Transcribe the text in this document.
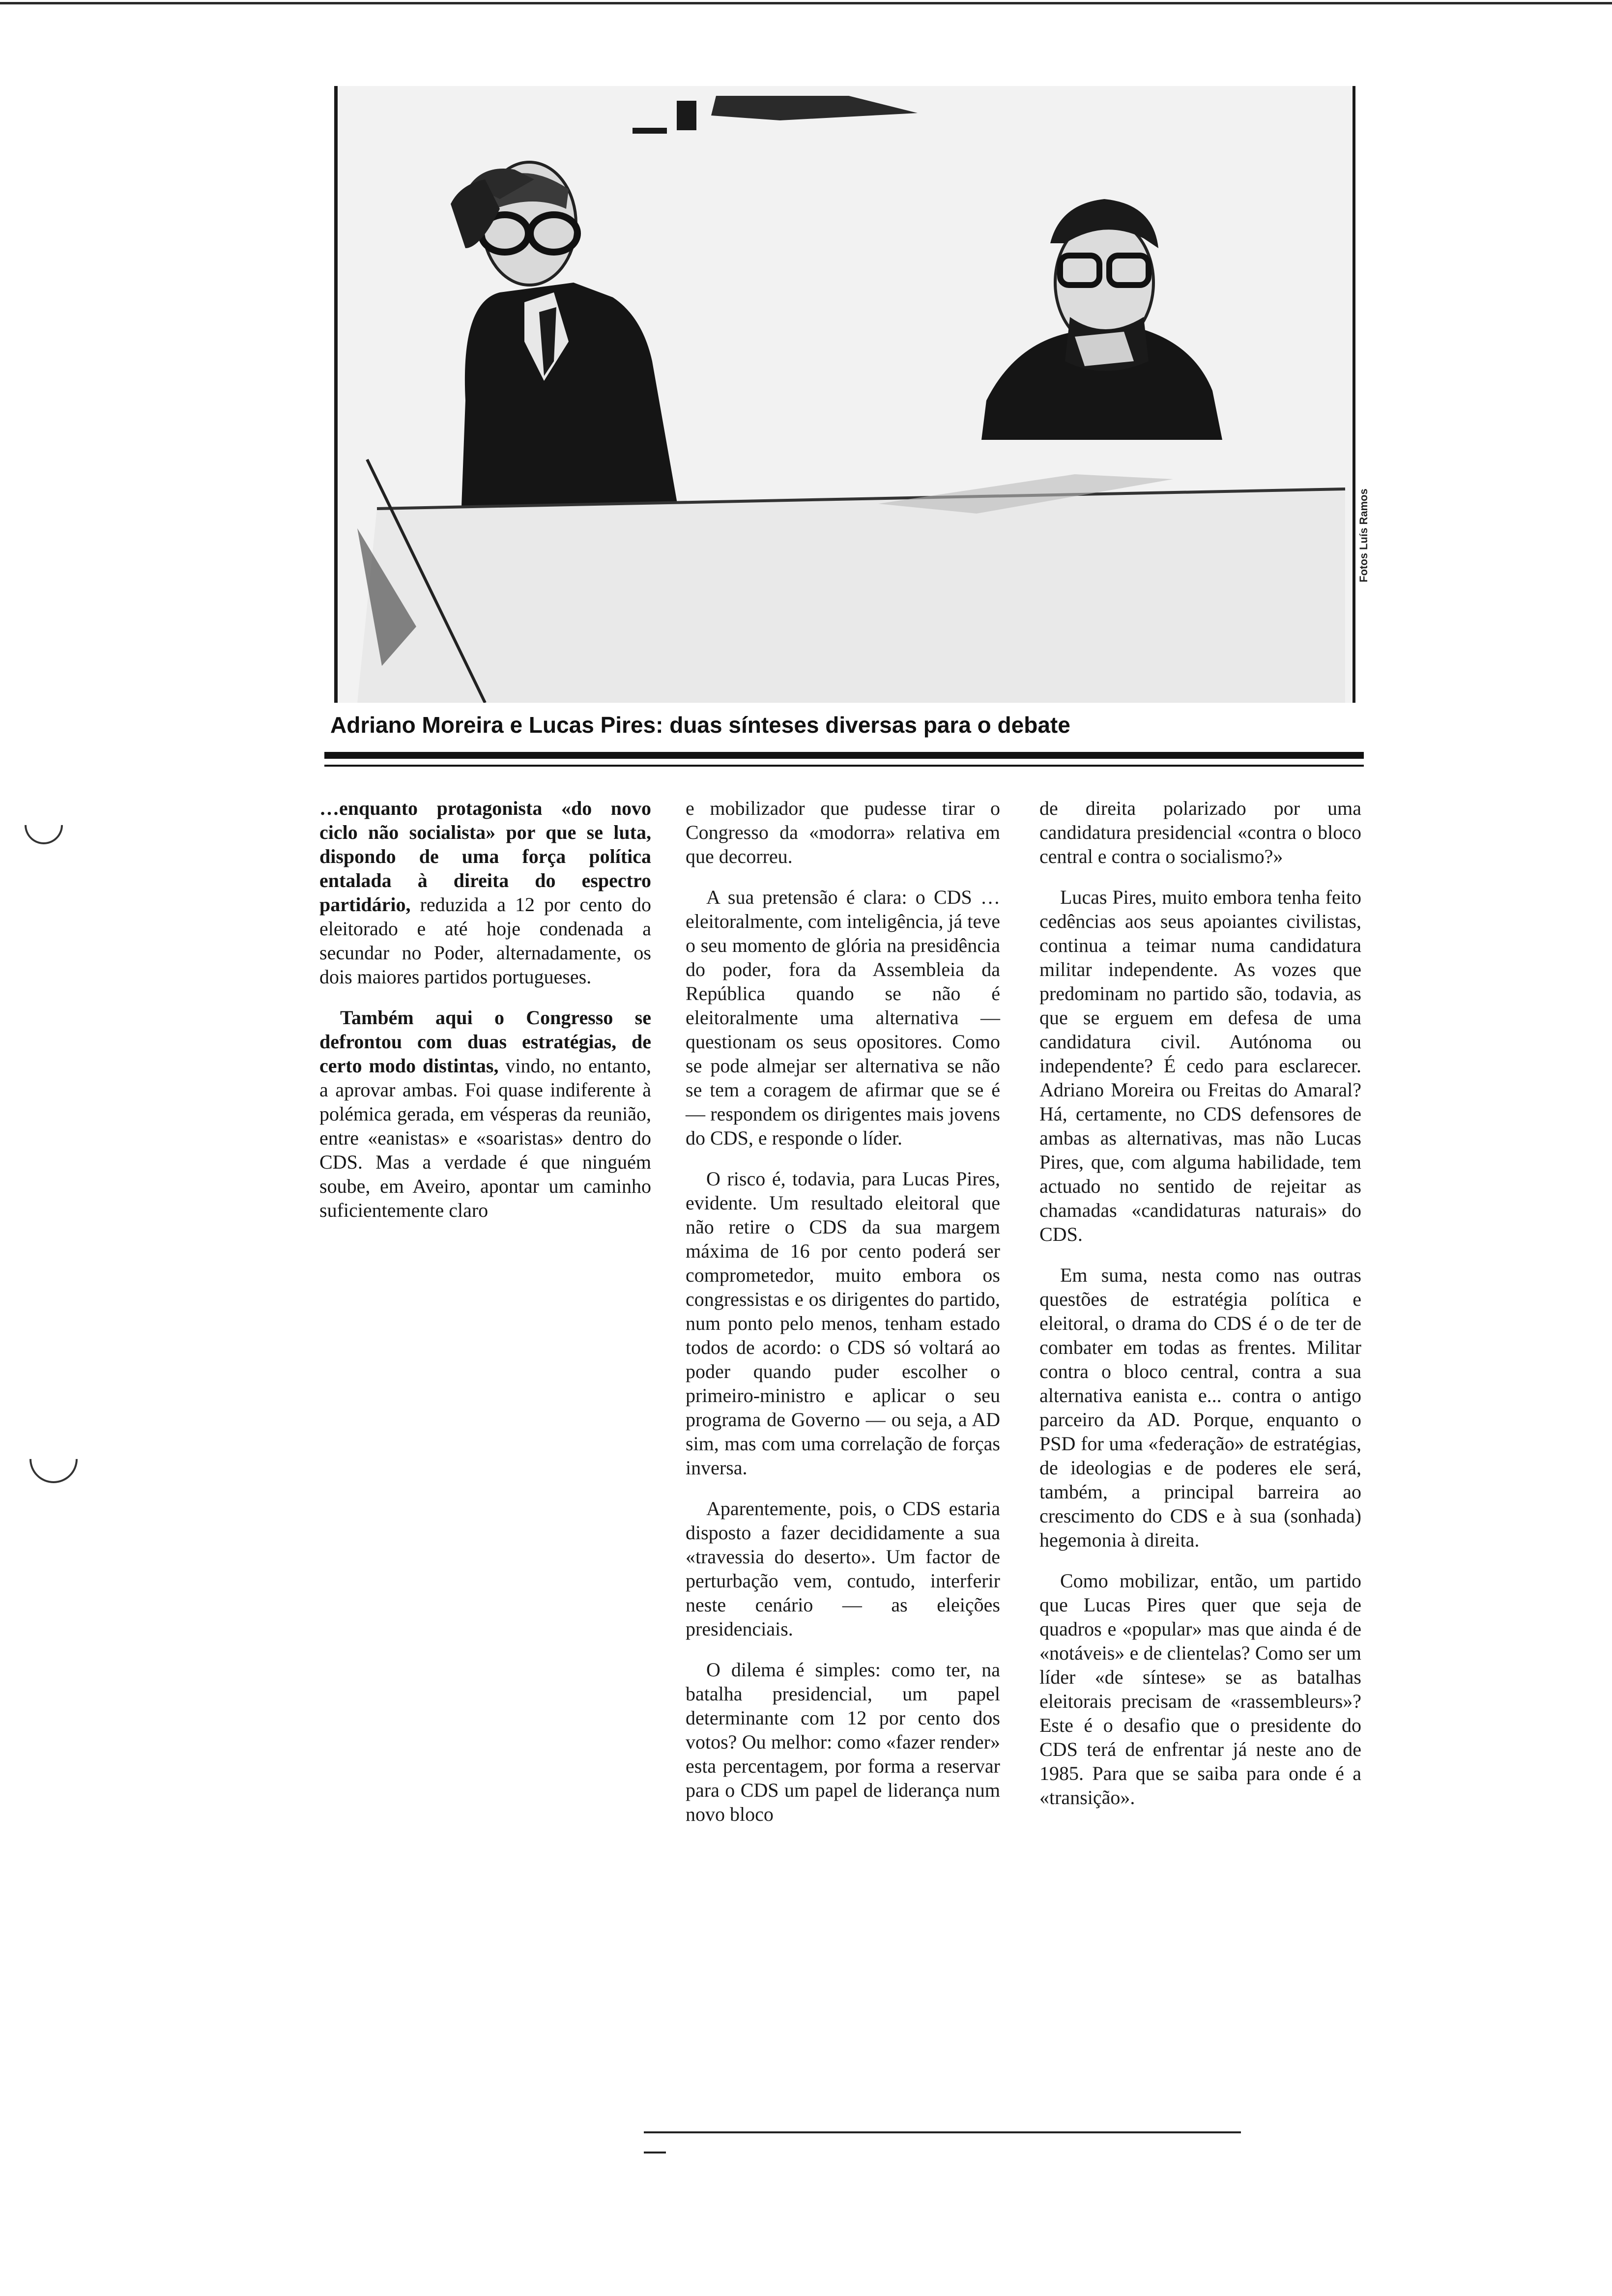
Fotos Luís Ramos
Adriano Moreira e Lucas Pires: duas sínteses diversas para o debate

…enquanto protagonista «do novo ciclo não socialista» por que se luta, dispondo de uma força política entalada à direita do espectro partidário, reduzida a 12 por cento do eleitorado e até hoje condenada a secundar no Poder, alternadamente, os dois maiores partidos portugueses.

Também aqui o Congresso se defrontou com duas estratégias, de certo modo distintas, vindo, no entanto, a aprovar ambas. Foi quase indiferente à polémica gerada, em vésperas da reunião, entre «eanistas» e «soaristas» dentro do CDS. Mas a verdade é que ninguém soube, em Aveiro, apontar um caminho suficientemente claro

e mobilizador que pudesse tirar o Congresso da «modorra» relativa em que decorreu.

A sua pretensão é clara: o CDS … eleitoralmente, com inteligência, já teve o seu momento de glória na presidência do poder, fora da Assembleia da República quando se não é eleitoralmente uma alternativa — questionam os seus opositores. Como se pode almejar ser alternativa se não se tem a coragem de afirmar que se é — respondem os dirigentes mais jovens do CDS, e responde o líder.

O risco é, todavia, para Lucas Pires, evidente. Um resultado eleitoral que não retire o CDS da sua margem máxima de 16 por cento poderá ser comprometedor, muito embora os congressistas e os dirigentes do partido, num ponto pelo menos, tenham estado todos de acordo: o CDS só voltará ao poder quando puder escolher o primeiro-ministro e aplicar o seu programa de Governo — ou seja, a AD sim, mas com uma correlação de forças inversa.

Aparentemente, pois, o CDS estaria disposto a fazer decididamente a sua «travessia do deserto». Um factor de perturbação vem, contudo, interferir neste cenário — as eleições presidenciais.

O dilema é simples: como ter, na batalha presidencial, um papel determinante com 12 por cento dos votos? Ou melhor: como «fazer render» esta percentagem, por forma a reservar para o CDS um papel de liderança num novo bloco

de direita polarizado por uma candidatura presidencial «contra o bloco central e contra o socialismo?»

Lucas Pires, muito embora tenha feito cedências aos seus apoiantes civilistas, continua a teimar numa candidatura militar independente. As vozes que predominam no partido são, todavia, as que se erguem em defesa de uma candidatura civil. Autónoma ou independente? É cedo para esclarecer. Adriano Moreira ou Freitas do Amaral? Há, certamente, no CDS defensores de ambas as alternativas, mas não Lucas Pires, que, com alguma habilidade, tem actuado no sentido de rejeitar as chamadas «candidaturas naturais» do CDS.

Em suma, nesta como nas outras questões de estratégia política e eleitoral, o drama do CDS é o de ter de combater em todas as frentes. Militar contra o bloco central, contra a sua alternativa eanista e... contra o antigo parceiro da AD. Porque, enquanto o PSD for uma «federação» de estratégias, de ideologias e de poderes ele será, também, a principal barreira ao crescimento do CDS e à sua (sonhada) hegemonia à direita.

Como mobilizar, então, um partido que Lucas Pires quer que seja de quadros e «popular» mas que ainda é de «notáveis» e de clientelas? Como ser um líder «de síntese» se as batalhas eleitorais precisam de «rassembleurs»? Este é o desafio que o presidente do CDS terá de enfrentar já neste ano de 1985. Para que se saiba para onde é a «transição».
